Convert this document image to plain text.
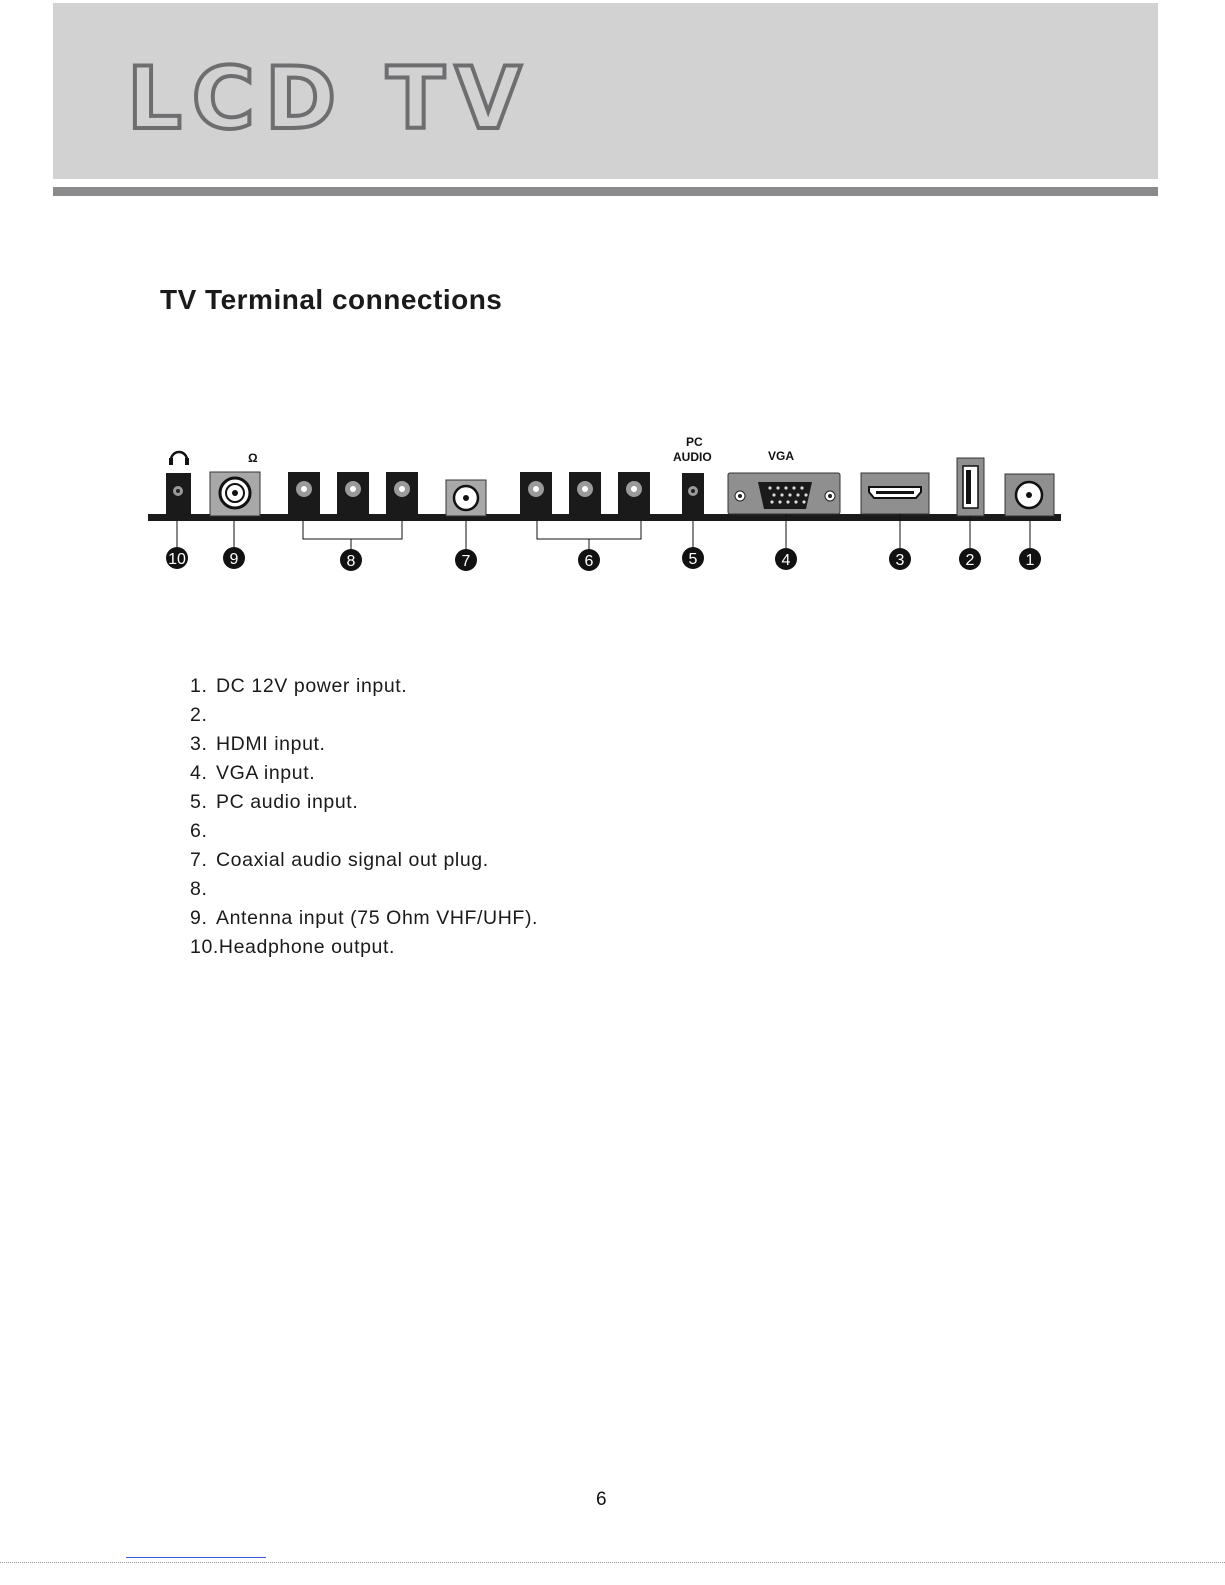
LCD TV
TV Terminal connections
Ω
PC
AUDIO	VGA
10	9	8	7	6	5	4	3	2	1
1. DC 12V power input.
2.
3. HDMI input.
4. VGA input.
5. PC audio input.
6.
7. Coaxial audio signal out plug.
8.
9. Antenna input (75 Ohm VHF/UHF).
10.Headphone output.
6
